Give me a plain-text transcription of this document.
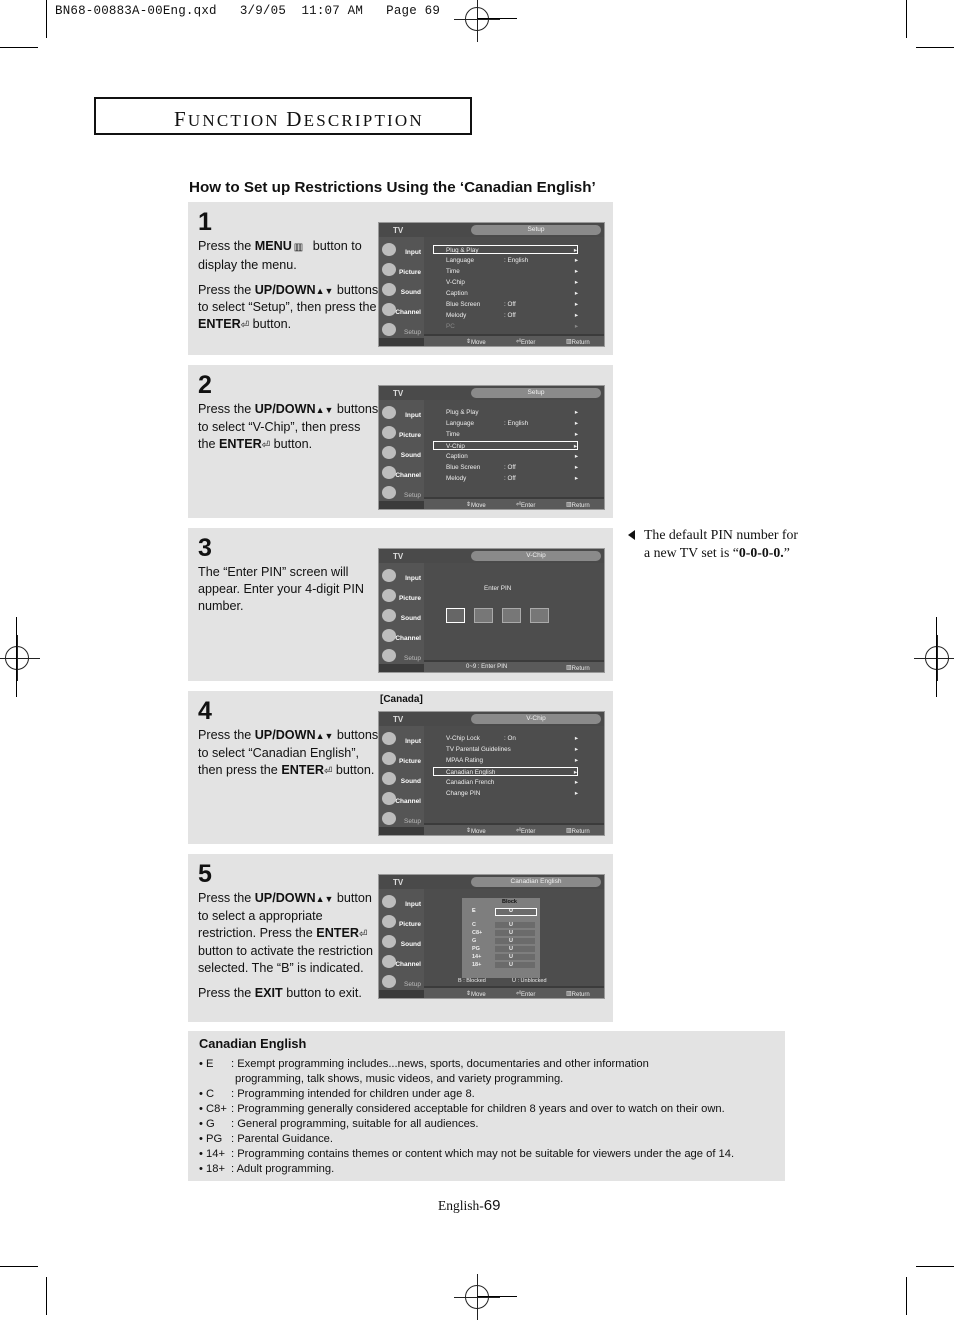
BN68-00883A-00Eng.qxd   3/9/05  11:07 AM   Page 69
FUNCTION DESCRIPTION
How to Set up Restrictions Using the ‘Canadian English’
1

Press the MENU ▥ button to display the menu.

Press the UP/DOWN▲▼ buttons to select “Setup”, then press the ENTER⏎ button.

TV	Setup
Input
Picture
Sound
Channel
Setup
Plug & Play	▸
Language	: English	▸
Time	▸
V-Chip	▸
Caption	▸
Blue Screen	: Off	▸
Melody	: Off	▸
PC	▸
⇕ Move	⏎ Enter	▥ Return
2

Press the UP/DOWN▲▼ buttons to select “V-Chip”, then press the ENTER⏎ button.

TV	Setup
Input
Picture
Sound
Channel
Setup
Plug & Play	▸
Language	: English	▸
Time	▸
V-Chip	▸
Caption	▸
Blue Screen	: Off	▸
Melody	: Off	▸
⇕ Move	⏎ Enter	▥ Return
3

The “Enter PIN” screen will appear. Enter your 4-digit PIN number.

TV	V-Chip
Input
Picture
Sound
Channel
Setup
Enter PIN
0~9 : Enter PIN	▥ Return
4

Press the UP/DOWN▲▼ buttons to select “Canadian English”, then press the ENTER⏎ button.

[Canada]
TV	V-Chip
Input
Picture
Sound
Channel
Setup
V-Chip Lock	: On	▸
TV Parental Guidelines	▸
MPAA Rating	▸
Canadian English	▸
Canadian French	▸
Change PIN	▸
⇕ Move	⏎ Enter	▥ Return
5

Press the UP/DOWN▲▼ button to select a appropriate restriction. Press the ENTER⏎ button to activate the restriction selected. The “B” is indicated.

Press the EXIT button to exit.

TV	Canadian English
Input
Picture
Sound
Channel
Setup
Block
E	U
C	U
C8+	U
G	U
PG	U
14+	U
18+	U
B : Blocked	U : Unblocked
⇕ Move	⏎ Enter	▥ Return
The default PIN number for a new TV set is “0-0-0-0.”
Canadian English
• E : Exempt programming includes...news, sports, documentaries and other information
programming, talk shows, music videos, and variety programming.
• C : Programming intended for children under age 8.
• C8+ : Programming generally considered acceptable for children 8 years and over to watch on their own.
• G : General programming, suitable for all audiences.
• PG : Parental Guidance.
• 14+ : Programming contains themes or content which may not be suitable for viewers under the age of 14.
• 18+ : Adult programming.
English-69
